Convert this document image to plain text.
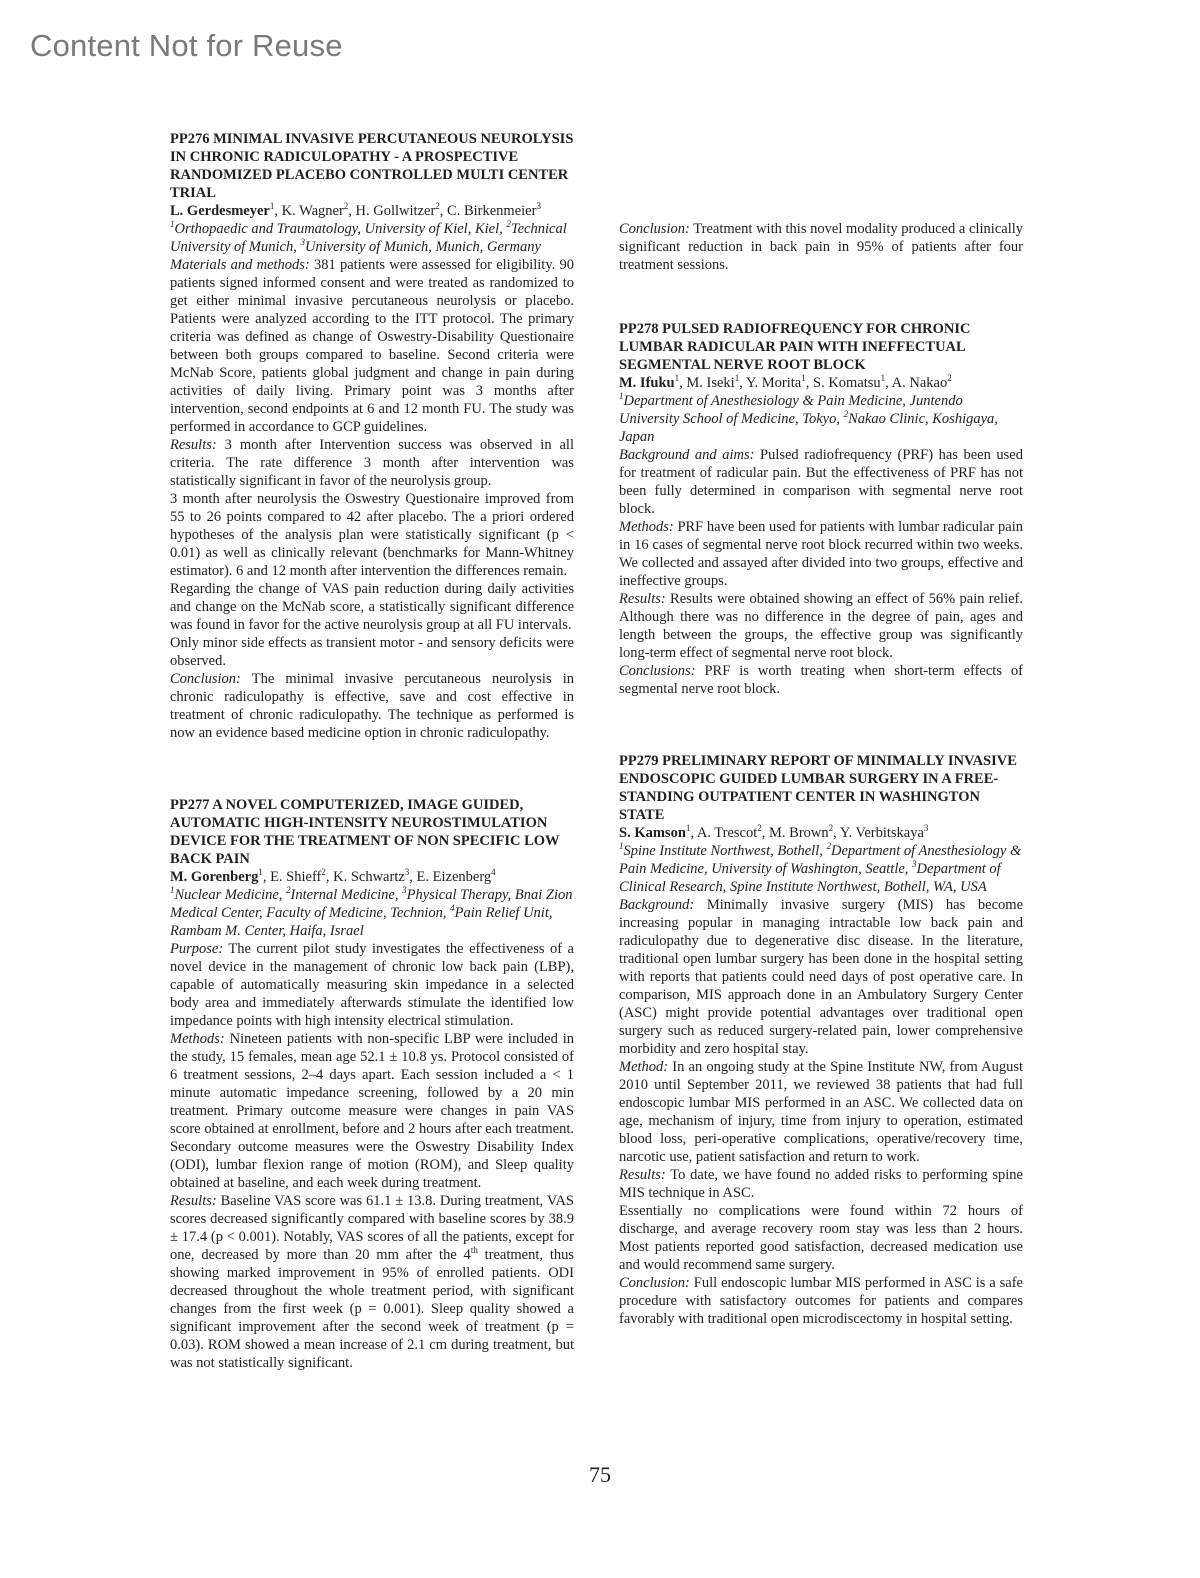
Content Not for Reuse
PP276 MINIMAL INVASIVE PERCUTANEOUS NEUROLYSIS IN CHRONIC RADICULOPATHY - A PROSPECTIVE RANDOMIZED PLACEBO CONTROLLED MULTI CENTER TRIAL
L. Gerdesmeyer$^1$, K. Wagner$^2$, H. Gollwitzer$^2$, C. Birkenmeier$^3$
$^1$Orthopaedic and Traumatology, University of Kiel, Kiel, $^2$Technical University of Munich, $^3$University of Munich, Munich, Germany
Materials and methods: 381 patients were assessed for eligibility. 90 patients signed informed consent and were treated as randomized to get either minimal invasive percutaneous neurolysis or placebo. Patients were analyzed according to the ITT protocol. The primary criteria was defined as change of Oswestry-Disability Questionaire between both groups compared to baseline. Second criteria were McNab Score, patients global judgment and change in pain during activities of daily living. Primary point was 3 months after intervention, second endpoints at 6 and 12 month FU. The study was performed in accordance to GCP guidelines.
Results: 3 month after Intervention success was observed in all criteria. The rate difference 3 month after intervention was statistically significant in favor of the neurolysis group.
3 month after neurolysis the Oswestry Questionaire improved from 55 to 26 points compared to 42 after placebo. The a priori ordered hypotheses of the analysis plan were statistically significant (p < 0.01) as well as clinically relevant (benchmarks for Mann-Whitney estimator). 6 and 12 month after intervention the differences remain.
Regarding the change of VAS pain reduction during daily activities and change on the McNab score, a statistically significant difference was found in favor for the active neurolysis group at all FU intervals.
Only minor side effects as transient motor - and sensory deficits were observed.
Conclusion: The minimal invasive percutaneous neurolysis in chronic radiculopathy is effective, save and cost effective in treatment of chronic radiculopathy. The technique as performed is now an evidence based medicine option in chronic radiculopathy.
PP277 A NOVEL COMPUTERIZED, IMAGE GUIDED, AUTOMATIC HIGH-INTENSITY NEUROSTIMULATION DEVICE FOR THE TREATMENT OF NON SPECIFIC LOW BACK PAIN
M. Gorenberg$^1$, E. Shieff$^2$, K. Schwartz$^3$, E. Eizenberg$^4$
$^1$Nuclear Medicine, $^2$Internal Medicine, $^3$Physical Therapy, Bnai Zion Medical Center, Faculty of Medicine, Technion, $^4$Pain Relief Unit, Rambam M. Center, Haifa, Israel
Purpose: The current pilot study investigates the effectiveness of a novel device in the management of chronic low back pain (LBP), capable of automatically measuring skin impedance in a selected body area and immediately afterwards stimulate the identified low impedance points with high intensity electrical stimulation.
Methods: Nineteen patients with non-specific LBP were included in the study, 15 females, mean age 52.1 ± 10.8 ys. Protocol consisted of 6 treatment sessions, 2–4 days apart. Each session included a < 1 minute automatic impedance screening, followed by a 20 min treatment. Primary outcome measure were changes in pain VAS score obtained at enrollment, before and 2 hours after each treatment. Secondary outcome measures were the Oswestry Disability Index (ODI), lumbar flexion range of motion (ROM), and Sleep quality obtained at baseline, and each week during treatment.
Results: Baseline VAS score was 61.1 ± 13.8. During treatment, VAS scores decreased significantly compared with baseline scores by 38.9 ± 17.4 (p < 0.001). Notably, VAS scores of all the patients, except for one, decreased by more than 20 mm after the 4th treatment, thus showing marked improvement in 95% of enrolled patients. ODI decreased throughout the whole treatment period, with significant changes from the first week (p = 0.001). Sleep quality showed a significant improvement after the second week of treatment (p = 0.03). ROM showed a mean increase of 2.1 cm during treatment, but was not statistically significant.
Conclusion: Treatment with this novel modality produced a clinically significant reduction in back pain in 95% of patients after four treatment sessions.
PP278 PULSED RADIOFREQUENCY FOR CHRONIC LUMBAR RADICULAR PAIN WITH INEFFECTUAL SEGMENTAL NERVE ROOT BLOCK
M. Ifuku$^1$, M. Iseki$^1$, Y. Morita$^1$, S. Komatsu$^1$, A. Nakao$^2$
$^1$Department of Anesthesiology & Pain Medicine, Juntendo University School of Medicine, Tokyo, $^2$Nakao Clinic, Koshigaya, Japan
Background and aims: Pulsed radiofrequency (PRF) has been used for treatment of radicular pain. But the effectiveness of PRF has not been fully determined in comparison with segmental nerve root block.
Methods: PRF have been used for patients with lumbar radicular pain in 16 cases of segmental nerve root block recurred within two weeks. We collected and assayed after divided into two groups, effective and ineffective groups.
Results: Results were obtained showing an effect of 56% pain relief. Although there was no difference in the degree of pain, ages and length between the groups, the effective group was significantly long-term effect of segmental nerve root block.
Conclusions: PRF is worth treating when short-term effects of segmental nerve root block.
PP279 PRELIMINARY REPORT OF MINIMALLY INVASIVE ENDOSCOPIC GUIDED LUMBAR SURGERY IN A FREE-STANDING OUTPATIENT CENTER IN WASHINGTON STATE
S. Kamson$^1$, A. Trescot$^2$, M. Brown$^2$, Y. Verbitskaya$^3$
$^1$Spine Institute Northwest, Bothell, $^2$Department of Anesthesiology & Pain Medicine, University of Washington, Seattle, $^3$Department of Clinical Research, Spine Institute Northwest, Bothell, WA, USA
Background: Minimally invasive surgery (MIS) has become increasing popular in managing intractable low back pain and radiculopathy due to degenerative disc disease. In the literature, traditional open lumbar surgery has been done in the hospital setting with reports that patients could need days of post operative care. In comparison, MIS approach done in an Ambulatory Surgery Center (ASC) might provide potential advantages over traditional open surgery such as reduced surgery-related pain, lower comprehensive morbidity and zero hospital stay.
Method: In an ongoing study at the Spine Institute NW, from August 2010 until September 2011, we reviewed 38 patients that had full endoscopic lumbar MIS performed in an ASC. We collected data on age, mechanism of injury, time from injury to operation, estimated blood loss, peri-operative complications, operative/recovery time, narcotic use, patient satisfaction and return to work.
Results: To date, we have found no added risks to performing spine MIS technique in ASC.
Essentially no complications were found within 72 hours of discharge, and average recovery room stay was less than 2 hours. Most patients reported good satisfaction, decreased medication use and would recommend same surgery.
Conclusion: Full endoscopic lumbar MIS performed in ASC is a safe procedure with satisfactory outcomes for patients and compares favorably with traditional open microdiscectomy in hospital setting.
75
